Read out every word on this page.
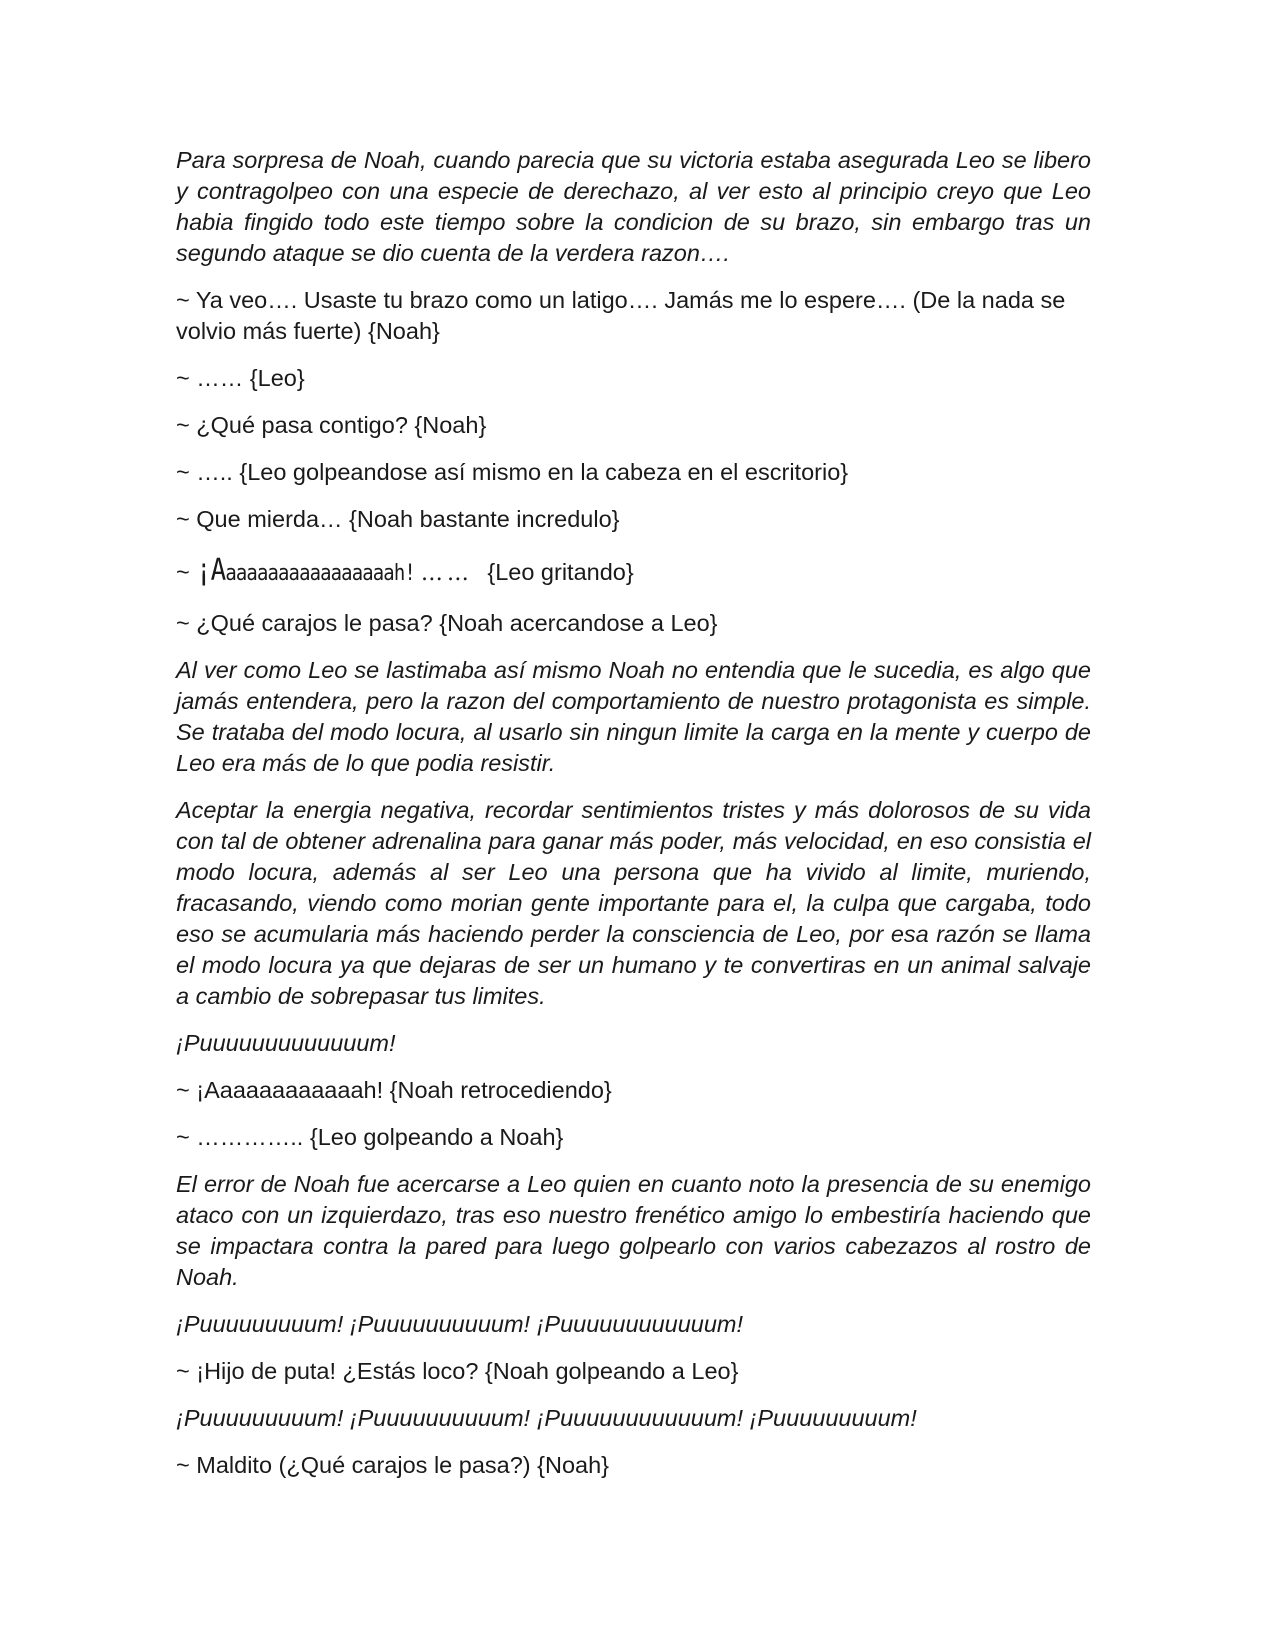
Para sorpresa de Noah, cuando parecia que su victoria estaba asegurada Leo se libero y contragolpeo con una especie de derechazo, al ver esto al principio creyo que Leo habia fingido todo este tiempo sobre la condicion de su brazo, sin embargo tras un segundo ataque se dio cuenta de la verdera razon….

~ Ya veo…. Usaste tu brazo como un latigo…. Jamás me lo espere…. (De la nada se volvio más fuerte) {Noah}

~ …… {Leo}

~ ¿Qué pasa contigo? {Noah}

~ ….. {Leo golpeandose así mismo en la cabeza en el escritorio}

~ Que mierda… {Noah bastante incredulo}

~ ¡Aaaaaaaaaaaaaaaaah! …… {Leo gritando}

~ ¿Qué carajos le pasa? {Noah acercandose a Leo}

Al ver como Leo se lastimaba así mismo Noah no entendia que le sucedia, es algo que jamás entendera, pero la razon del comportamiento de nuestro protagonista es simple. Se trataba del modo locura, al usarlo sin ningun limite la carga en la mente y cuerpo de Leo era más de lo que podia resistir.

Aceptar la energia negativa, recordar sentimientos tristes y más dolorosos de su vida con tal de obtener adrenalina para ganar más poder, más velocidad, en eso consistia el modo locura, además al ser Leo una persona que ha vivido al limite, muriendo, fracasando, viendo como morian gente importante para el, la culpa que cargaba, todo eso se acumularia más haciendo perder la consciencia de Leo, por esa razón se llama el modo locura ya que dejaras de ser un humano y te convertiras en un animal salvaje a cambio de sobrepasar tus limites.

¡Puuuuuuuuuuuuum!

~ ¡Aaaaaaaaaaaah! {Noah retrocediendo}

~ ………….. {Leo golpeando a Noah}

El error de Noah fue acercarse a Leo quien en cuanto noto la presencia de su enemigo ataco con un izquierdazo, tras eso nuestro frenético amigo lo embestiría haciendo que se impactara contra la pared para luego golpearlo con varios cabezazos al rostro de Noah.

¡Puuuuuuuuum! ¡Puuuuuuuuuum! ¡Puuuuuuuuuuuum!

~ ¡Hijo de puta! ¿Estás loco? {Noah golpeando a Leo}

¡Puuuuuuuuum! ¡Puuuuuuuuuum! ¡Puuuuuuuuuuuum! ¡Puuuuuuuuum!

~ Maldito (¿Qué carajos le pasa?) {Noah}
